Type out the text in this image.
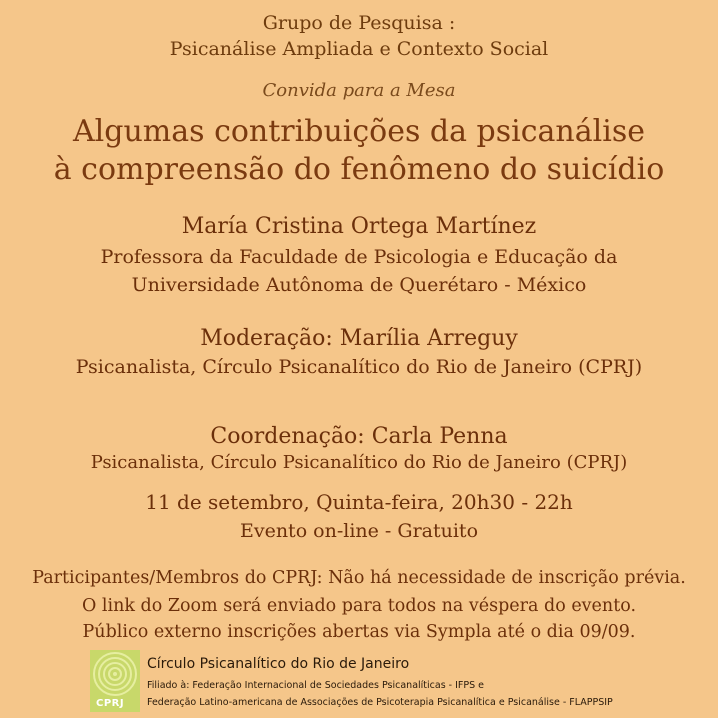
Grupo de Pesquisa :
Psicanálise Ampliada e Contexto Social
Convida para a Mesa
Algumas contribuições da psicanálise
à compreensão do fenômeno do suicídio
María Cristina Ortega Martínez
Professora da Faculdade de Psicologia e Educação da
Universidade Autônoma de Querétaro - México
Moderação: Marília Arreguy
Psicanalista, Círculo Psicanalítico do Rio de Janeiro (CPRJ)
Coordenação: Carla Penna
Psicanalista, Círculo Psicanalítico do Rio de Janeiro (CPRJ)
11 de setembro, Quinta-feira, 20h30 - 22h
Evento on-line - Gratuito
Participantes/Membros do CPRJ: Não há necessidade de inscrição prévia.
O link do Zoom será enviado para todos na véspera do evento.
Público externo inscrições abertas via Sympla até o dia 09/09.
CPRJ
Círculo Psicanalítico do Rio de Janeiro
Filiado à: Federação Internacional de Sociedades Psicanalíticas - IFPS e
Federação Latino-americana de Associações de Psicoterapia Psicanalítica e Psicanálise - FLAPPSIP
